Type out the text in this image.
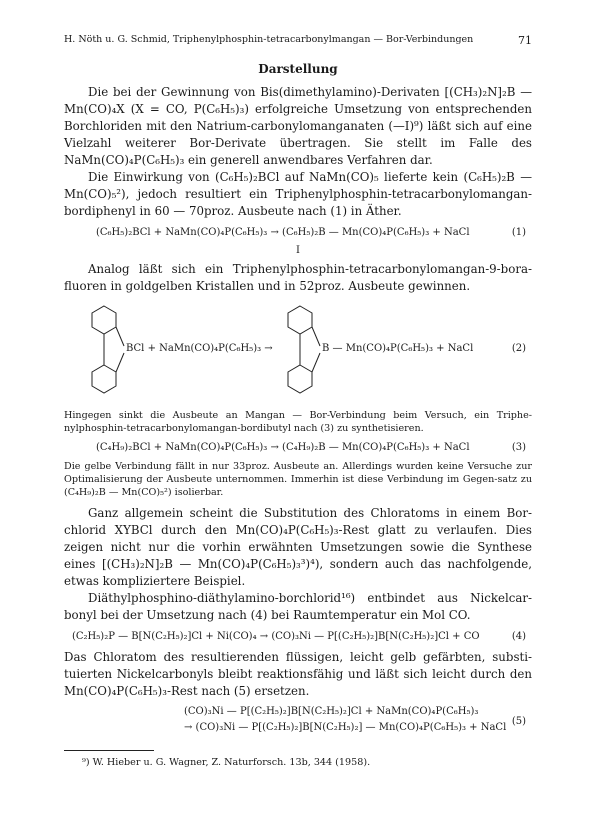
H. Nöth u. G. Schmid, Triphenylphosphin-tetracarbonylmangan — Bor-Verbindungen	71
Darstellung

Die bei der Gewinnung von Bis(dimethylamino)-Derivaten [(CH₃)₂N]₂B — Mn(CO)₄X (X = CO, P(C₆H₅)₃) erfolgreiche Umsetzung von entsprechenden Borchloriden mit den Natrium-carbonylomanganaten (—I)⁹) läßt sich auf eine Vielzahl weiterer Bor-Derivate übertragen. Sie stellt im Falle des NaMn(CO)₄P(C₆H₅)₃ ein generell anwendbares Verfahren dar.

Die Einwirkung von (C₆H₅)₂BCl auf NaMn(CO)₅ lieferte kein (C₆H₅)₂B — Mn(CO)₅²), jedoch resultiert ein Triphenylphosphin-tetracarbonylomangan-bordiphenyl in 60 — 70proz. Ausbeute nach (1) in Äther.

(C₆H₅)₂BCl + NaMn(CO)₄P(C₆H₅)₃ → (C₆H₅)₂B — Mn(CO)₄P(C₆H₅)₃ + NaCl	(1)
I

Analog läßt sich ein Triphenylphosphin-tetracarbonylomangan-9-bora-fluoren in goldgelben Kristallen und in 52proz. Ausbeute gewinnen.

BCl + NaMn(CO)₄P(C₆H₅)₃ →	B — Mn(CO)₄P(C₆H₅)₃ + NaCl	(2)

Hingegen sinkt die Ausbeute an Mangan — Bor-Verbindung beim Versuch, ein Triphe-nylphosphin-tetracarbonylomangan-bordibutyl nach (3) zu synthetisieren.

(C₄H₉)₂BCl + NaMn(CO)₄P(C₆H₅)₃ → (C₄H₉)₂B — Mn(CO)₄P(C₆H₅)₃ + NaCl	(3)

Die gelbe Verbindung fällt in nur 33proz. Ausbeute an. Allerdings wurden keine Versuche zur Optimalisierung der Ausbeute unternommen. Immerhin ist diese Verbindung im Gegen-satz zu (C₄H₉)₂B — Mn(CO)₅²) isolierbar.

Ganz allgemein scheint die Substitution des Chloratoms in einem Bor-chlorid XYBCl durch den Mn(CO)₄P(C₆H₅)₃-Rest glatt zu verlaufen. Dies zeigen nicht nur die vorhin erwähnten Umsetzungen sowie die Synthese eines [(CH₃)₂N]₂B — Mn(CO)₄P(C₆H₅)₃³)⁴), sondern auch das nachfolgende, etwas kompliziertere Beispiel.

Diäthylphosphino-diäthylamino-borchlorid¹⁶) entbindet aus Nickelcar-bonyl bei der Umsetzung nach (4) bei Raumtemperatur ein Mol CO.

(C₂H₅)₂P — B[N(C₂H₅)₂]Cl + Ni(CO)₄ → (CO)₃Ni — P[(C₂H₅)₂]B[N(C₂H₅)₂]Cl + CO	(4)

Das Chloratom des resultierenden flüssigen, leicht gelb gefärbten, substi-tuierten Nickelcarbonyls bleibt reaktionsfähig und läßt sich leicht durch den Mn(CO)₄P(C₆H₅)₃-Rest nach (5) ersetzen.

(CO)₃Ni — P[(C₂H₅)₂]B[N(C₂H₅)₂]Cl + NaMn(CO)₄P(C₆H₅)₃
→ (CO)₃Ni — P[(C₂H₅)₂]B[N(C₂H₅)₂] — Mn(CO)₄P(C₆H₅)₃ + NaCl
(5)
⁹) W. Hieber u. G. Wagner, Z. Naturforsch. 13b, 344 (1958).
